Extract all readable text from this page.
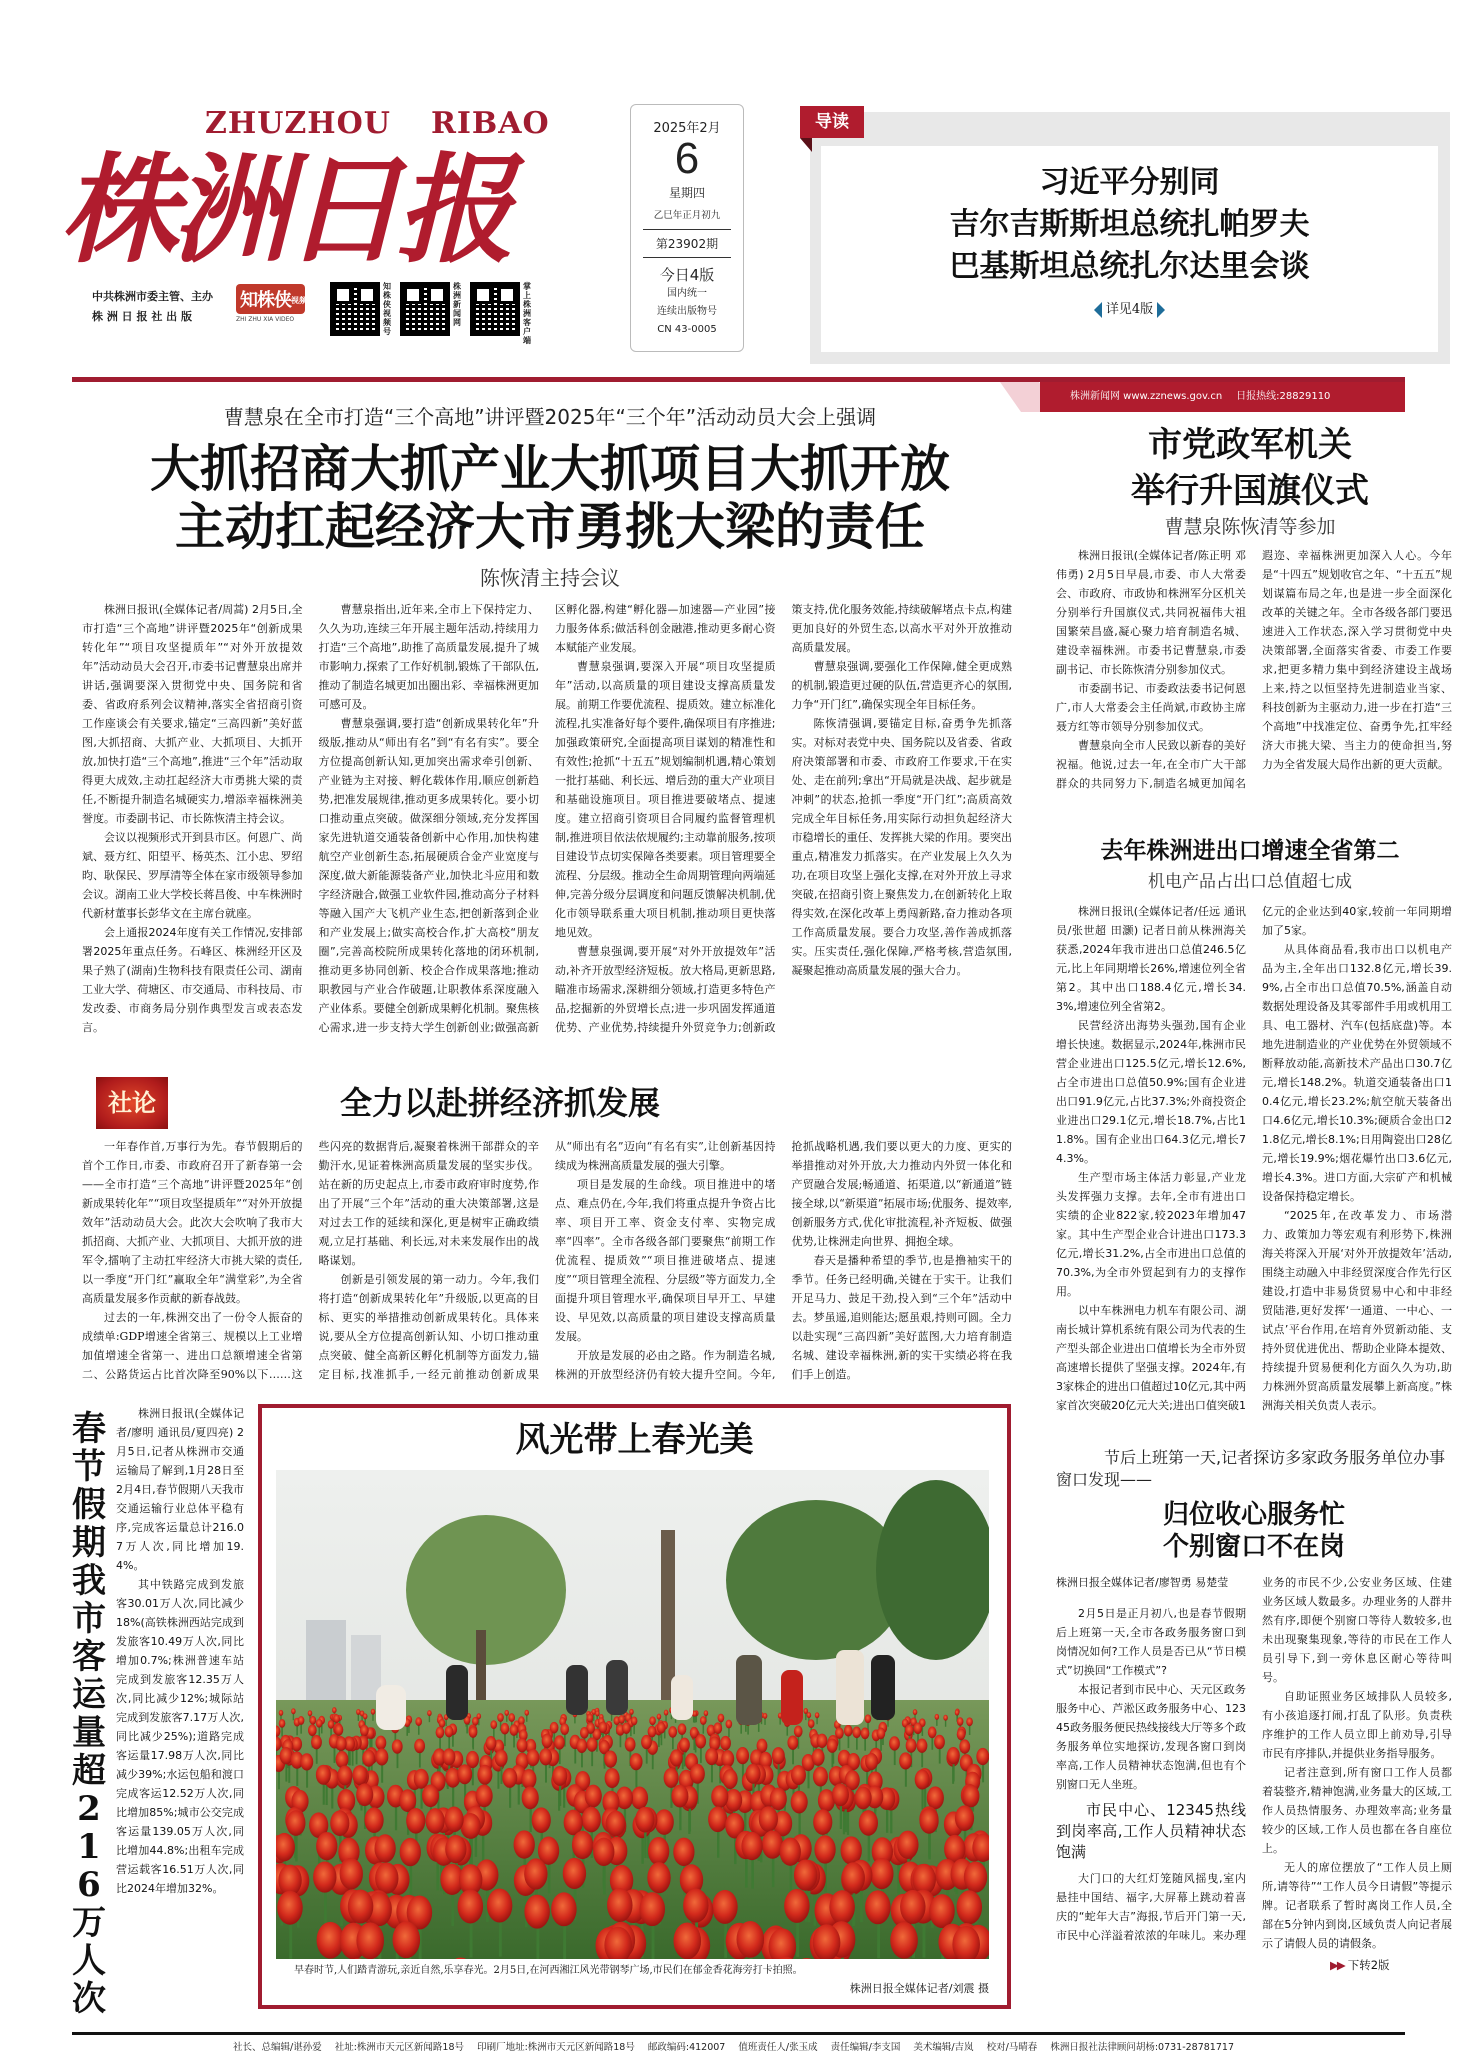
ZHUZHOU RIBAO
株洲日报
中共株洲市委主管、主办
株 洲 日 报 社 出 版
知株侠视频
ZHI ZHU XIA VIDEO
知株侠视频号
株洲新闻网
掌上株洲客户端
2025年2月
6
星期四
乙巳年正月初九
第23902期
今日4版
国内统一
连续出版物号
CN 43-0005
习近平分别同
吉尔吉斯斯坦总统扎帕罗夫
巴基斯坦总统扎尔达里会谈
详见4版
导读
株洲新闻网 www.zznews.gov.cn 日报热线:28829110
曹慧泉在全市打造“三个高地”讲评暨2025年“三个年”活动动员大会上强调
大抓招商大抓产业大抓项目大抓开放
主动扛起经济大市勇挑大梁的责任
陈恢清主持会议

株洲日报讯(全媒体记者/周蒿) 2月5日,全市打造“三个高地”讲评暨2025年“创新成果转化年”“项目攻坚提质年”“对外开放提效年”活动动员大会召开,市委书记曹慧泉出席并讲话,强调要深入贯彻党中央、国务院和省委、省政府系列会议精神,落实全省招商引资工作座谈会有关要求,锚定“三高四新”美好蓝图,大抓招商、大抓产业、大抓项目、大抓开放,加快打造“三个高地”,推进“三个年”活动取得更大成效,主动扛起经济大市勇挑大梁的责任,不断提升制造名城硬实力,增添幸福株洲美誉度。市委副书记、市长陈恢清主持会议。

会议以视频形式开到县市区。何恩广、尚斌、聂方红、阳望平、杨英杰、江小忠、罗绍昀、耿保民、罗厚清等全体在家市级领导参加会议。湖南工业大学校长蒋昌俊、中车株洲时代新材董事长彭华文在主席台就座。

会上通报2024年度有关工作情况,安排部署2025年重点任务。石峰区、株洲经开区及果子熟了(湖南)生物科技有限责任公司、湖南工业大学、荷塘区、市交通局、市科技局、市发改委、市商务局分别作典型发言或表态发言。

曹慧泉指出,近年来,全市上下保持定力、久久为功,连续三年开展主题年活动,持续用力打造“三个高地”,助推了高质量发展,提升了城市影响力,探索了工作好机制,锻炼了干部队伍,推动了制造名城更加出圈出彩、幸福株洲更加可感可及。

曹慧泉强调,要打造“创新成果转化年”升级版,推动从“师出有名”到“有名有实”。要全方位提高创新认知,更加突出需求牵引创新、产业链为主对接、孵化载体作用,顺应创新趋势,把准发展规律,推动更多成果转化。要小切口推动重点突破。做深细分领域,充分发挥国家先进轨道交通装备创新中心作用,加快构建航空产业创新生态,拓展硬质合金产业宽度与深度,做大新能源装备产业,加快北斗应用和数字经济融合,做强工业软件园,推动高分子材料等融入国产大飞机产业生态,把创新落到企业和产业发展上;做实高校合作,扩大高校“朋友圈”,完善高校院所成果转化落地的闭环机制,推动更多协同创新、校企合作成果落地;推动职教园与产业合作破题,让职教体系深度融入产业体系。要健全创新成果孵化机制。聚焦核心需求,进一步支持大学生创新创业;做强高新区孵化器,构建“孵化器—加速器—产业园”接力服务体系;做活科创金融港,推动更多耐心资本赋能产业发展。

曹慧泉强调,要深入开展“项目攻坚提质年”活动,以高质量的项目建设支撑高质量发展。前期工作要优流程、提质效。建立标准化流程,扎实准备好每个要件,确保项目有序推进;加强政策研究,全面提高项目谋划的精准性和有效性;抢抓“十五五”规划编制机遇,精心策划一批打基础、利长远、增后劲的重大产业项目和基础设施项目。项目推进要破堵点、提速度。建立招商引资项目合同履约监督管理机制,推进项目依法依规履约;主动靠前服务,按项目建设节点切实保障各类要素。项目管理要全流程、分层级。推动全生命周期管理向两端延伸,完善分级分层调度和问题反馈解决机制,优化市领导联系重大项目机制,推动项目更快落地见效。

曹慧泉强调,要开展“对外开放提效年”活动,补齐开放型经济短板。放大格局,更新思路,瞄准市场需求,深耕细分领域,打造更多特色产品,挖掘新的外贸增长点;进一步巩固发挥通道优势、产业优势,持续提升外贸竞争力;创新政策支持,优化服务效能,持续破解堵点卡点,构建更加良好的外贸生态,以高水平对外开放推动高质量发展。

曹慧泉强调,要强化工作保障,健全更成熟的机制,锻造更过硬的队伍,营造更齐心的氛围,力争“开门红”,确保实现全年目标任务。

陈恢清强调,要锚定目标,奋勇争先抓落实。对标对表党中央、国务院以及省委、省政府决策部署和市委、市政府工作要求,干在实处、走在前列;拿出“开局就是决战、起步就是冲刺”的状态,抢抓一季度“开门红”;高质高效完成全年目标任务,用实际行动担负起经济大市稳增长的重任、发挥挑大梁的作用。要突出重点,精准发力抓落实。在产业发展上久久为功,在项目攻坚上强化支撑,在对外开放上寻求突破,在招商引资上聚焦发力,在创新转化上取得实效,在深化改革上勇闯新路,奋力推动各项工作高质量发展。要合力攻坚,善作善成抓落实。压实责任,强化保障,严格考核,营造氛围,凝聚起推动高质量发展的强大合力。

市党政军机关
举行升国旗仪式
曹慧泉陈恢清等参加

株洲日报讯(全媒体记者/陈正明 邓伟勇) 2月5日早晨,市委、市人大常委会、市政府、市政协和株洲军分区机关分别举行升国旗仪式,共同祝福伟大祖国繁荣昌盛,凝心聚力培育制造名城、建设幸福株洲。市委书记曹慧泉,市委副书记、市长陈恢清分别参加仪式。

市委副书记、市委政法委书记何恩广,市人大常委会主任尚斌,市政协主席聂方红等市领导分别参加仪式。

曹慧泉向全市人民致以新春的美好祝福。他说,过去一年,在全市广大干部群众的共同努力下,制造名城更加闻名遐迩、幸福株洲更加深入人心。今年是“十四五”规划收官之年、“十五五”规划谋篇布局之年,也是进一步全面深化改革的关键之年。全市各级各部门要迅速进入工作状态,深入学习贯彻党中央决策部署,全面落实省委、市委工作要求,把更多精力集中到经济建设主战场上来,持之以恒坚持先进制造业当家、科技创新为主驱动力,进一步在打造“三个高地”中找准定位、奋勇争先,扛牢经济大市挑大梁、当主力的使命担当,努力为全省发展大局作出新的更大贡献。

去年株洲进出口增速全省第二
机电产品占出口总值超七成

株洲日报讯(全媒体记者/任远 通讯员/张世超 田灏) 记者日前从株洲海关获悉,2024年我市进出口总值246.5亿元,比上年同期增长26%,增速位列全省第2。其中出口188.4亿元,增长34.3%,增速位列全省第2。

民营经济出海势头强劲,国有企业增长快速。数据显示,2024年,株洲市民营企业进出口125.5亿元,增长12.6%,占全市进出口总值50.9%;国有企业进出口91.9亿元,占比37.3%;外商投资企业进出口29.1亿元,增长18.7%,占比11.8%。国有企业出口64.3亿元,增长74.3%。

生产型市场主体活力彰显,产业龙头发挥强力支撑。去年,全市有进出口实绩的企业822家,较2023年增加47家。其中生产型企业合计进出口173.3亿元,增长31.2%,占全市进出口总值的70.3%,为全市外贸起到有力的支撑作用。

以中车株洲电力机车有限公司、湖南长城计算机系统有限公司为代表的生产型头部企业进出口值增长为全市外贸高速增长提供了坚强支撑。2024年,有3家株企的进出口值超过10亿元,其中两家首次突破20亿元大关;进出口值突破1亿元的企业达到40家,较前一年同期增加了5家。

从具体商品看,我市出口以机电产品为主,全年出口132.8亿元,增长39.9%,占全市出口总值70.5%,涵盖自动数据处理设备及其零部件手用或机用工具、电工器材、汽车(包括底盘)等。本地先进制造业的产业优势在外贸领域不断释放动能,高新技术产品出口30.7亿元,增长148.2%。轨道交通装备出口10.4亿元,增长23.2%;航空航天装备出口4.6亿元,增长10.3%;硬质合金出口21.8亿元,增长8.1%;日用陶瓷出口28亿元,增长19.9%;烟花爆竹出口3.6亿元,增长4.3%。进口方面,大宗矿产和机械设备保持稳定增长。

“2025年,在改革发力、市场潜力、政策加力等宏观有利形势下,株洲海关将深入开展‘对外开放提效年’活动,围绕主动融入中非经贸深度合作先行区建设,打造中非易货贸易中心和中非经贸陆港,更好发挥‘一通道、一中心、一试点’平台作用,在培育外贸新动能、支持外贸优进优出、帮助企业降本提效、持续提升贸易便利化方面久久为功,助力株洲外贸高质量发展攀上新高度。”株洲海关相关负责人表示。

社论	全力以赴拼经济抓发展

一年春作首,万事行为先。春节假期后的首个工作日,市委、市政府召开了新春第一会——全市打造“三个高地”讲评暨2025年“创新成果转化年”“项目攻坚提质年”“对外开放提效年”活动动员大会。此次大会吹响了我市大抓招商、大抓产业、大抓项目、大抓开放的进军令,擂响了主动扛牢经济大市挑大梁的责任,以一季度“开门红”赢取全年“满堂彩”,为全省高质量发展多作贡献的新春战鼓。

过去的一年,株洲交出了一份令人振奋的成绩单:GDP增速全省第三、规模以上工业增加值增速全省第一、进出口总额增速全省第二、公路货运占比首次降至90%以下……这些闪亮的数据背后,凝聚着株洲干部群众的辛勤汗水,见证着株洲高质量发展的坚实步伐。站在新的历史起点上,市委市政府审时度势,作出了开展“三个年”活动的重大决策部署,这是对过去工作的延续和深化,更是树牢正确政绩观,立足打基础、利长远,对未来发展作出的战略谋划。

创新是引领发展的第一动力。今年,我们将打造“创新成果转化年”升级版,以更高的目标、更实的举措推动创新成果转化。具体来说,要从全方位提高创新认知、小切口推动重点突破、健全高新区孵化机制等方面发力,锚定目标,找准抓手,一经元前推动创新成果从“师出有名”迈向“有名有实”,让创新基因持续成为株洲高质量发展的强大引擎。

项目是发展的生命线。项目推进中的堵点、难点仍在,今年,我们将重点提升争资占比率、项目开工率、资金支付率、实物完成率“四率”。全市各级各部门要聚焦“前期工作优流程、提质效”“项目推进破堵点、提速度”“项目管理全流程、分层级”等方面发力,全面提升项目管理水平,确保项目早开工、早建设、早见效,以高质量的项目建设支撑高质量发展。

开放是发展的必由之路。作为制造名城,株洲的开放型经济仍有较大提升空间。今年,抢抓战略机遇,我们要以更大的力度、更实的举措推动对外开放,大力推动内外贸一体化和产贸融合发展;畅通道、拓渠道,以“新通道”链接全球,以“新渠道”拓展市场;优服务、提效率,创新服务方式,优化审批流程,补齐短板、做强优势,让株洲走向世界、拥抱全球。

春天是播种希望的季节,也是撸袖实干的季节。任务已经明确,关键在于实干。让我们开足马力、鼓足干劲,投入到“三个年”活动中去。梦虽遥,追则能达;愿虽艰,持则可圆。全力以赴实现“三高四新”美好蓝图,大力培育制造名城、建设幸福株洲,新的实干实绩必将在我们手上创造。

春节假期我市客运量超216万人次

株洲日报讯(全媒体记者/廖明 通讯员/夏四亮) 2月5日,记者从株洲市交通运输局了解到,1月28日至2月4日,春节假期八天我市交通运输行业总体平稳有序,完成客运量总计216.07万人次,同比增加19.4%。

其中铁路完成到发旅客30.01万人次,同比减少18%(高铁株洲西站完成到发旅客10.49万人次,同比增加0.7%;株洲普速车站完成到发旅客12.35万人次,同比减少12%;城际站完成到发旅客7.17万人次,同比减少25%);道路完成客运量17.98万人次,同比减少39%;水运包船和渡口完成客运12.52万人次,同比增加85%;城市公交完成客运量139.05万人次,同比增加44.8%;出租车完成营运载客16.51万人次,同比2024年增加32%。

风光带上春光美
早春时节,人们踏青游玩,亲近自然,乐享春光。2月5日,在河西湘江风光带钢琴广场,市民们在郁金香花海旁打卡拍照。
株洲日报全媒体记者/刘震 摄
节后上班第一天,记者探访多家政务服务单位办事窗口发现——
归位收心服务忙
个别窗口不在岗

株洲日报全媒体记者/廖智勇 易楚莹

2月5日是正月初八,也是春节假期后上班第一天,全市各政务服务窗口到岗情况如何?工作人员是否已从“节日模式”切换回“工作模式”?

本报记者到市民中心、天元区政务服务中心、芦淞区政务服务中心、12345政务服务便民热线接线大厅等多个政务服务单位实地探访,发现各窗口到岗率高,工作人员精神状态饱满,但也有个别窗口无人坐班。

市民中心、12345热线到岗率高,工作人员精神状态饱满

大门口的大红灯笼随风摇曳,室内悬挂中国结、福字,大屏幕上跳动着喜庆的“蛇年大吉”海报,节后开门第一天,市民中心洋溢着浓浓的年味儿。来办理业务的市民不少,公安业务区域、住建业务区域人数最多。办理业务的人群井然有序,即便个别窗口等待人数较多,也未出现聚集现象,等待的市民在工作人员引导下,到一旁休息区耐心等待叫号。

自助证照业务区域排队人员较多,有小孩追逐打闹,打乱了队形。负责秩序维护的工作人员立即上前劝导,引导市民有序排队,并提供业务指导服务。

记者注意到,所有窗口工作人员都着装整齐,精神饱满,业务量大的区域,工作人员热情服务、办理效率高;业务量较少的区域,工作人员也都在各自座位上。

无人的席位摆放了“工作人员上厕所,请等待”“工作人员今日请假”等提示牌。记者联系了暂时离岗工作人员,全部在5分钟内到岗,区域负责人向记者展示了请假人员的请假条。

▶▶ 下转2版
社长、总编辑/谌孙爱 社址:株洲市天元区新闻路18号 印刷厂地址:株洲市天元区新闻路18号 邮政编码:412007 值班责任人/张玉成 责任编辑/李支国 美术编辑/吉岚 校对/马晴春 株洲日报社法律顾问胡杨:0731-28781717
